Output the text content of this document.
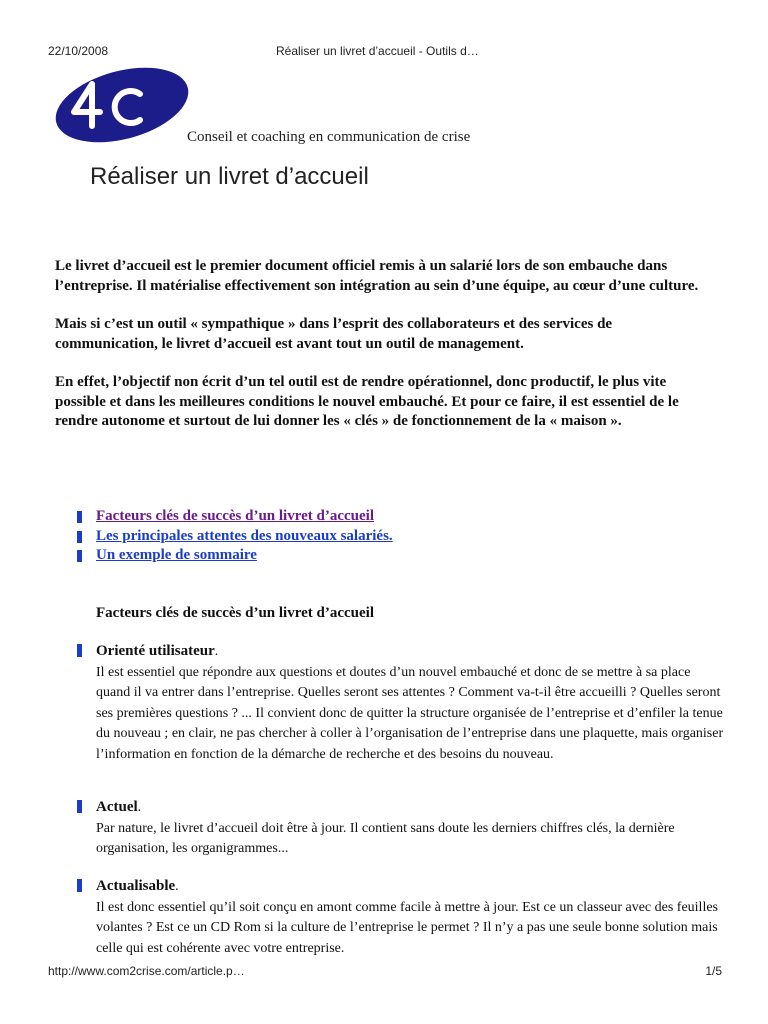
22/10/2008	Réaliser un livret d’accueil - Outils d…
Conseil et coaching en communication de crise
Réaliser un livret d’accueil

Le livret d’accueil est le premier document officiel remis à un salarié lors de son embauche dans l’entreprise. Il matérialise effectivement son intégration au sein d’une équipe, au cœur d’une culture.

Mais si c’est un outil « sympathique » dans l’esprit des collaborateurs et des services de communication, le livret d’accueil est avant tout un outil de management.

En effet, l’objectif non écrit d’un tel outil est de rendre opérationnel, donc productif, le plus vite possible et dans les meilleures conditions le nouvel embauché. Et pour ce faire, il est essentiel de le rendre autonome et surtout de lui donner les « clés » de fonctionnement de la « maison ».

Facteurs clés de succès d’un livret d’accueil
Les principales attentes des nouveaux salariés.
Un exemple de sommaire
Facteurs clés de succès d’un livret d’accueil
Orienté utilisateur.
Il est essentiel que répondre aux questions et doutes d’un nouvel embauché et donc de se mettre à sa place quand il va entrer dans l’entreprise. Quelles seront ses attentes ? Comment va-t-il être accueilli ? Quelles seront ses premières questions ? ... Il convient donc de quitter la structure organisée de l’entreprise et d’enfiler la tenue du nouveau ; en clair, ne pas chercher à coller à l’organisation de l’entreprise dans une plaquette, mais organiser l’information en fonction de la démarche de recherche et des besoins du nouveau.
Actuel.
Par nature, le livret d’accueil doit être à jour. Il contient sans doute les derniers chiffres clés, la dernière organisation, les organigrammes...
Actualisable.
Il est donc essentiel qu’il soit conçu en amont comme facile à mettre à jour. Est ce un classeur avec des feuilles volantes ? Est ce un CD Rom si la culture de l’entreprise le permet ? Il n’y a pas une seule bonne solution mais celle qui est cohérente avec votre entreprise.
http://www.com2crise.com/article.p…	1/5
